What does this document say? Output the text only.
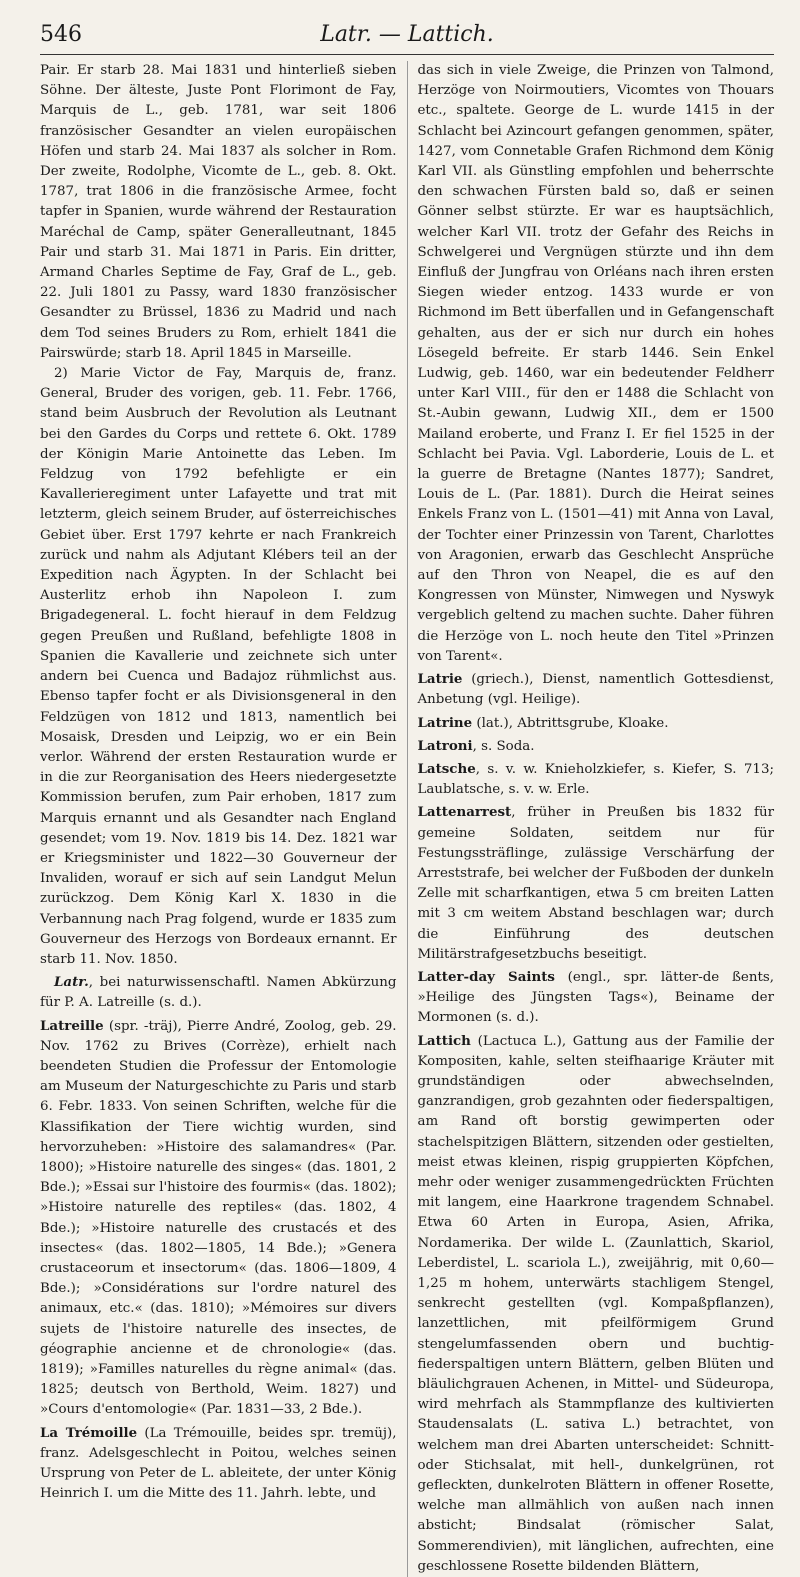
546	Latr. — Lattich.

Pair. Er starb 28. Mai 1831 und hinterließ sieben Söhne. Der älteste, Juste Pont Florimont de Fay, Marquis de L., geb. 1781, war seit 1806 französischer Gesandter an vielen europäischen Höfen und starb 24. Mai 1837 als solcher in Rom. Der zweite, Rodolphe, Vicomte de L., geb. 8. Okt. 1787, trat 1806 in die französische Armee, focht tapfer in Spanien, wurde während der Restauration Maréchal de Camp, später Generalleutnant, 1845 Pair und starb 31. Mai 1871 in Paris. Ein dritter, Armand Charles Septime de Fay, Graf de L., geb. 22. Juli 1801 zu Passy, ward 1830 französischer Gesandter zu Brüssel, 1836 zu Madrid und nach dem Tod seines Bruders zu Rom, erhielt 1841 die Pairswürde; starb 18. April 1845 in Marseille.

2) Marie Victor de Fay, Marquis de, franz. General, Bruder des vorigen, geb. 11. Febr. 1766, stand beim Ausbruch der Revolution als Leutnant bei den Gardes du Corps und rettete 6. Okt. 1789 der Königin Marie Antoinette das Leben. Im Feldzug von 1792 befehligte er ein Kavallerieregiment unter Lafayette und trat mit letzterm, gleich seinem Bruder, auf österreichisches Gebiet über. Erst 1797 kehrte er nach Frankreich zurück und nahm als Adjutant Klébers teil an der Expedition nach Ägypten. In der Schlacht bei Austerlitz erhob ihn Napoleon I. zum Brigadegeneral. L. focht hierauf in dem Feldzug gegen Preußen und Rußland, befehligte 1808 in Spanien die Kavallerie und zeichnete sich unter andern bei Cuenca und Badajoz rühmlichst aus. Ebenso tapfer focht er als Divisionsgeneral in den Feldzügen von 1812 und 1813, namentlich bei Mosaisk, Dresden und Leipzig, wo er ein Bein verlor. Während der ersten Restauration wurde er in die zur Reorganisation des Heers niedergesetzte Kommission berufen, zum Pair erhoben, 1817 zum Marquis ernannt und als Gesandter nach England gesendet; vom 19. Nov. 1819 bis 14. Dez. 1821 war er Kriegsminister und 1822—30 Gouverneur der Invaliden, worauf er sich auf sein Landgut Melun zurückzog. Dem König Karl X. 1830 in die Verbannung nach Prag folgend, wurde er 1835 zum Gouverneur des Herzogs von Bordeaux ernannt. Er starb 11. Nov. 1850.

Latr., bei naturwissenschaftl. Namen Abkürzung für P. A. Latreille (s. d.).

Latreille (spr. -träj), Pierre André, Zoolog, geb. 29. Nov. 1762 zu Brives (Corrèze), erhielt nach beendeten Studien die Professur der Entomologie am Museum der Naturgeschichte zu Paris und starb 6. Febr. 1833. Von seinen Schriften, welche für die Klassifikation der Tiere wichtig wurden, sind hervorzuheben: »Histoire des salamandres« (Par. 1800); »Histoire naturelle des singes« (das. 1801, 2 Bde.); »Essai sur l'histoire des fourmis« (das. 1802); »Histoire naturelle des reptiles« (das. 1802, 4 Bde.); »Histoire naturelle des crustacés et des insectes« (das. 1802—1805, 14 Bde.); »Genera crustaceorum et insectorum« (das. 1806—1809, 4 Bde.); »Considérations sur l'ordre naturel des animaux, etc.« (das. 1810); »Mémoires sur divers sujets de l'histoire naturelle des insectes, de géographie ancienne et de chronologie« (das. 1819); »Familles naturelles du règne animal« (das. 1825; deutsch von Berthold, Weim. 1827) und »Cours d'entomologie« (Par. 1831—33, 2 Bde.).

La Trémoille (La Trémouille, beides spr. tremüj), franz. Adelsgeschlecht in Poitou, welches seinen Ursprung von Peter de L. ableitete, der unter König Heinrich I. um die Mitte des 11. Jahrh. lebte, und

das sich in viele Zweige, die Prinzen von Talmond, Herzöge von Noirmoutiers, Vicomtes von Thouars etc., spaltete. George de L. wurde 1415 in der Schlacht bei Azincourt gefangen genommen, später, 1427, vom Connetable Grafen Richmond dem König Karl VII. als Günstling empfohlen und beherrschte den schwachen Fürsten bald so, daß er seinen Gönner selbst stürzte. Er war es hauptsächlich, welcher Karl VII. trotz der Gefahr des Reichs in Schwelgerei und Vergnügen stürzte und ihn dem Einfluß der Jungfrau von Orléans nach ihren ersten Siegen wieder entzog. 1433 wurde er von Richmond im Bett überfallen und in Gefangenschaft gehalten, aus der er sich nur durch ein hohes Lösegeld befreite. Er starb 1446. Sein Enkel Ludwig, geb. 1460, war ein bedeutender Feldherr unter Karl VIII., für den er 1488 die Schlacht von St.-Aubin gewann, Ludwig XII., dem er 1500 Mailand eroberte, und Franz I. Er fiel 1525 in der Schlacht bei Pavia. Vgl. Laborderie, Louis de L. et la guerre de Bretagne (Nantes 1877); Sandret, Louis de L. (Par. 1881). Durch die Heirat seines Enkels Franz von L. (1501—41) mit Anna von Laval, der Tochter einer Prinzessin von Tarent, Charlottes von Aragonien, erwarb das Geschlecht Ansprüche auf den Thron von Neapel, die es auf den Kongressen von Münster, Nimwegen und Nyswyk vergeblich geltend zu machen suchte. Daher führen die Herzöge von L. noch heute den Titel »Prinzen von Tarent«.

Latrie (griech.), Dienst, namentlich Gottesdienst, Anbetung (vgl. Heilige).

Latrine (lat.), Abtrittsgrube, Kloake.

Latroni, s. Soda.

Latsche, s. v. w. Knieholzkiefer, s. Kiefer, S. 713; Laublatsche, s. v. w. Erle.

Lattenarrest, früher in Preußen bis 1832 für gemeine Soldaten, seitdem nur für Festungssträflinge, zulässige Verschärfung der Arreststrafe, bei welcher der Fußboden der dunkeln Zelle mit scharfkantigen, etwa 5 cm breiten Latten mit 3 cm weitem Abstand beschlagen war; durch die Einführung des deutschen Militärstrafgesetzbuchs beseitigt.

Latter-day Saints (engl., spr. lätter-de ßents, »Heilige des Jüngsten Tags«), Beiname der Mormonen (s. d.).

Lattich (Lactuca L.), Gattung aus der Familie der Kompositen, kahle, selten steifhaarige Kräuter mit grundständigen oder abwechselnden, ganzrandigen, grob gezahnten oder fiederspaltigen, am Rand oft borstig gewimperten oder stachelspitzigen Blättern, sitzenden oder gestielten, meist etwas kleinen, rispig gruppierten Köpfchen, mehr oder weniger zusammengedrückten Früchten mit langem, eine Haarkrone tragendem Schnabel. Etwa 60 Arten in Europa, Asien, Afrika, Nordamerika. Der wilde L. (Zaunlattich, Skariol, Leberdistel, L. scariola L.), zweijährig, mit 0,60—1,25 m hohem, unterwärts stachligem Stengel, senkrecht gestellten (vgl. Kompaßpflanzen), lanzettlichen, mit pfeilförmigem Grund stengelumfassenden obern und buchtig-fiederspaltigen untern Blättern, gelben Blüten und bläulichgrauen Achenen, in Mittel- und Südeuropa, wird mehrfach als Stammpflanze des kultivierten Staudensalats (L. sativa L.) betrachtet, von welchem man drei Abarten unterscheidet: Schnitt- oder Stichsalat, mit hell-, dunkelgrünen, rot gefleckten, dunkelroten Blättern in offener Rosette, welche man allmählich von außen nach innen absticht; Bindsalat (römischer Salat, Sommerendivien), mit länglichen, aufrechten, eine geschlossene Rosette bildenden Blättern,
